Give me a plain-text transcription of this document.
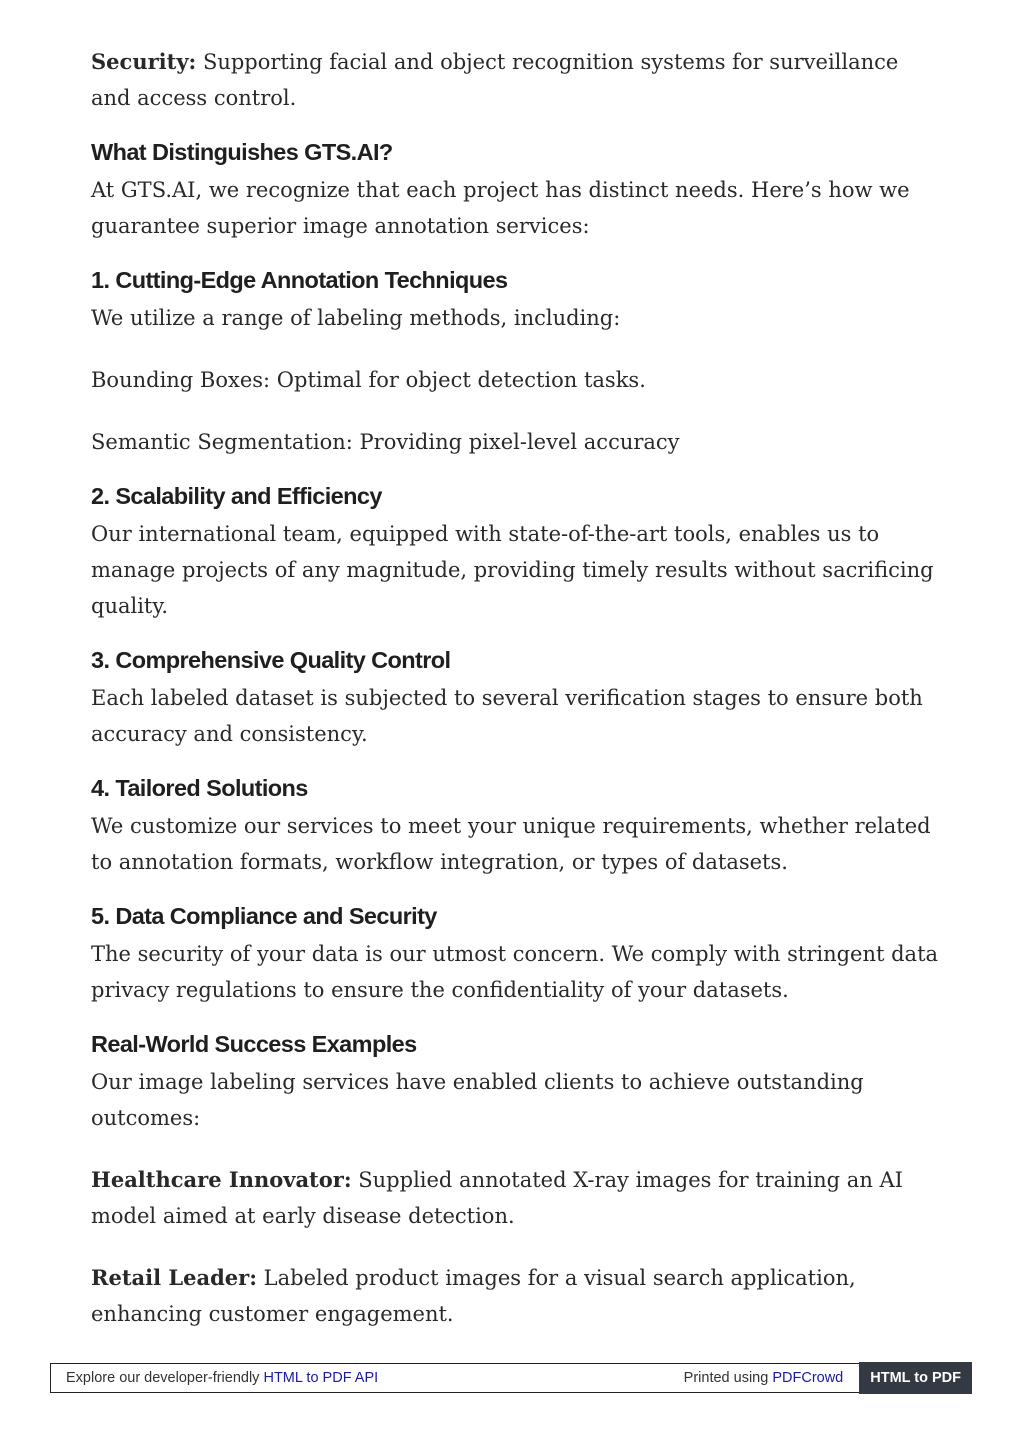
Security: Supporting facial and object recognition systems for surveillance and access control.

What Distinguishes GTS.AI?

At GTS.AI, we recognize that each project has distinct needs. Here’s how we guarantee superior image annotation services:

1. Cutting-Edge Annotation Techniques

We utilize a range of labeling methods, including:

Bounding Boxes: Optimal for object detection tasks.

Semantic Segmentation: Providing pixel-level accuracy

2. Scalability and Efficiency

Our international team, equipped with state-of-the-art tools, enables us to manage projects of any magnitude, providing timely results without sacrificing quality.

3. Comprehensive Quality Control

Each labeled dataset is subjected to several verification stages to ensure both accuracy and consistency.

4. Tailored Solutions

We customize our services to meet your unique requirements, whether related to annotation formats, workflow integration, or types of datasets.

5. Data Compliance and Security

The security of your data is our utmost concern. We comply with stringent data privacy regulations to ensure the confidentiality of your datasets.

Real-World Success Examples

Our image labeling services have enabled clients to achieve outstanding outcomes:

Healthcare Innovator: Supplied annotated X-ray images for training an AI model aimed at early disease detection.

Retail Leader: Labeled product images for a visual search application, enhancing customer engagement.

Explore our developer-friendly HTML to PDF API	Printed using PDFCrowd	HTML to PDF
